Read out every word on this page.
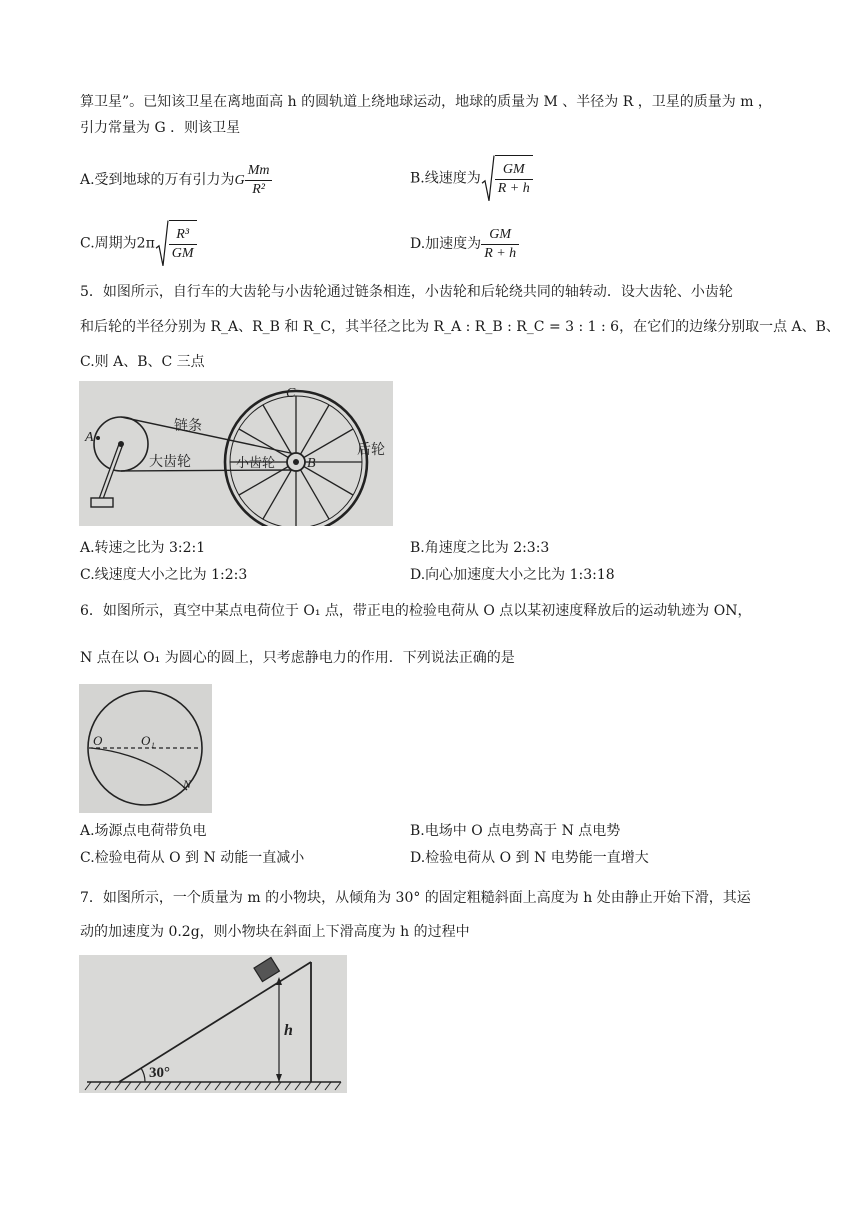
算卫星”。已知该卫星在离地面高 h 的圆轨道上绕地球运动，地球的质量为 M 、半径为 R ，卫星的质量为 m ，
引力常量为 G ．则该卫星
A.受到地球的万有引力为G $\frac{Mm}{\text{R²}}$	B.线速度为 $\frac{GM}{R + h}$
C.周期为$2\pi \frac{\text{R³}}{GM}$	D.加速度为 $\frac{GM}{R + h}$
5．如图所示，自行车的大齿轮与小齿轮通过链条相连，小齿轮和后轮绕共同的轴转动．设大齿轮、小齿轮
和后轮的半径分别为 R_A、R_B 和 R_C，其半径之比为 R_A : R_B : R_C = 3 : 1 : 6，在它们的边缘分别取一点 A、B、
C.则 A、B、C 三点
C
A
链条
大齿轮	小齿轮 B
后轮
A.转速之比为 3:2:1	B.角速度之比为 2:3:3
C.线速度大小之比为 1:2:3	D.向心加速度大小之比为 1:3:18
6．如图所示，真空中某点电荷位于 O₁ 点，带正电的检验电荷从 O 点以某初速度释放后的运动轨迹为 ON，
N 点在以 O₁ 为圆心的圆上，只考虑静电力的作用．下列说法正确的是
O	O₁
N
A.场源点电荷带负电	B.电场中 O 点电势高于 N 点电势
C.检验电荷从 O 到 N 动能一直减小	D.检验电荷从 O 到 N 电势能一直增大
7．如图所示，一个质量为 m 的小物块，从倾角为 30° 的固定粗糙斜面上高度为 h 处由静止开始下滑，其运
动的加速度为 0.2g，则小物块在斜面上下滑高度为 h 的过程中
30°
h
